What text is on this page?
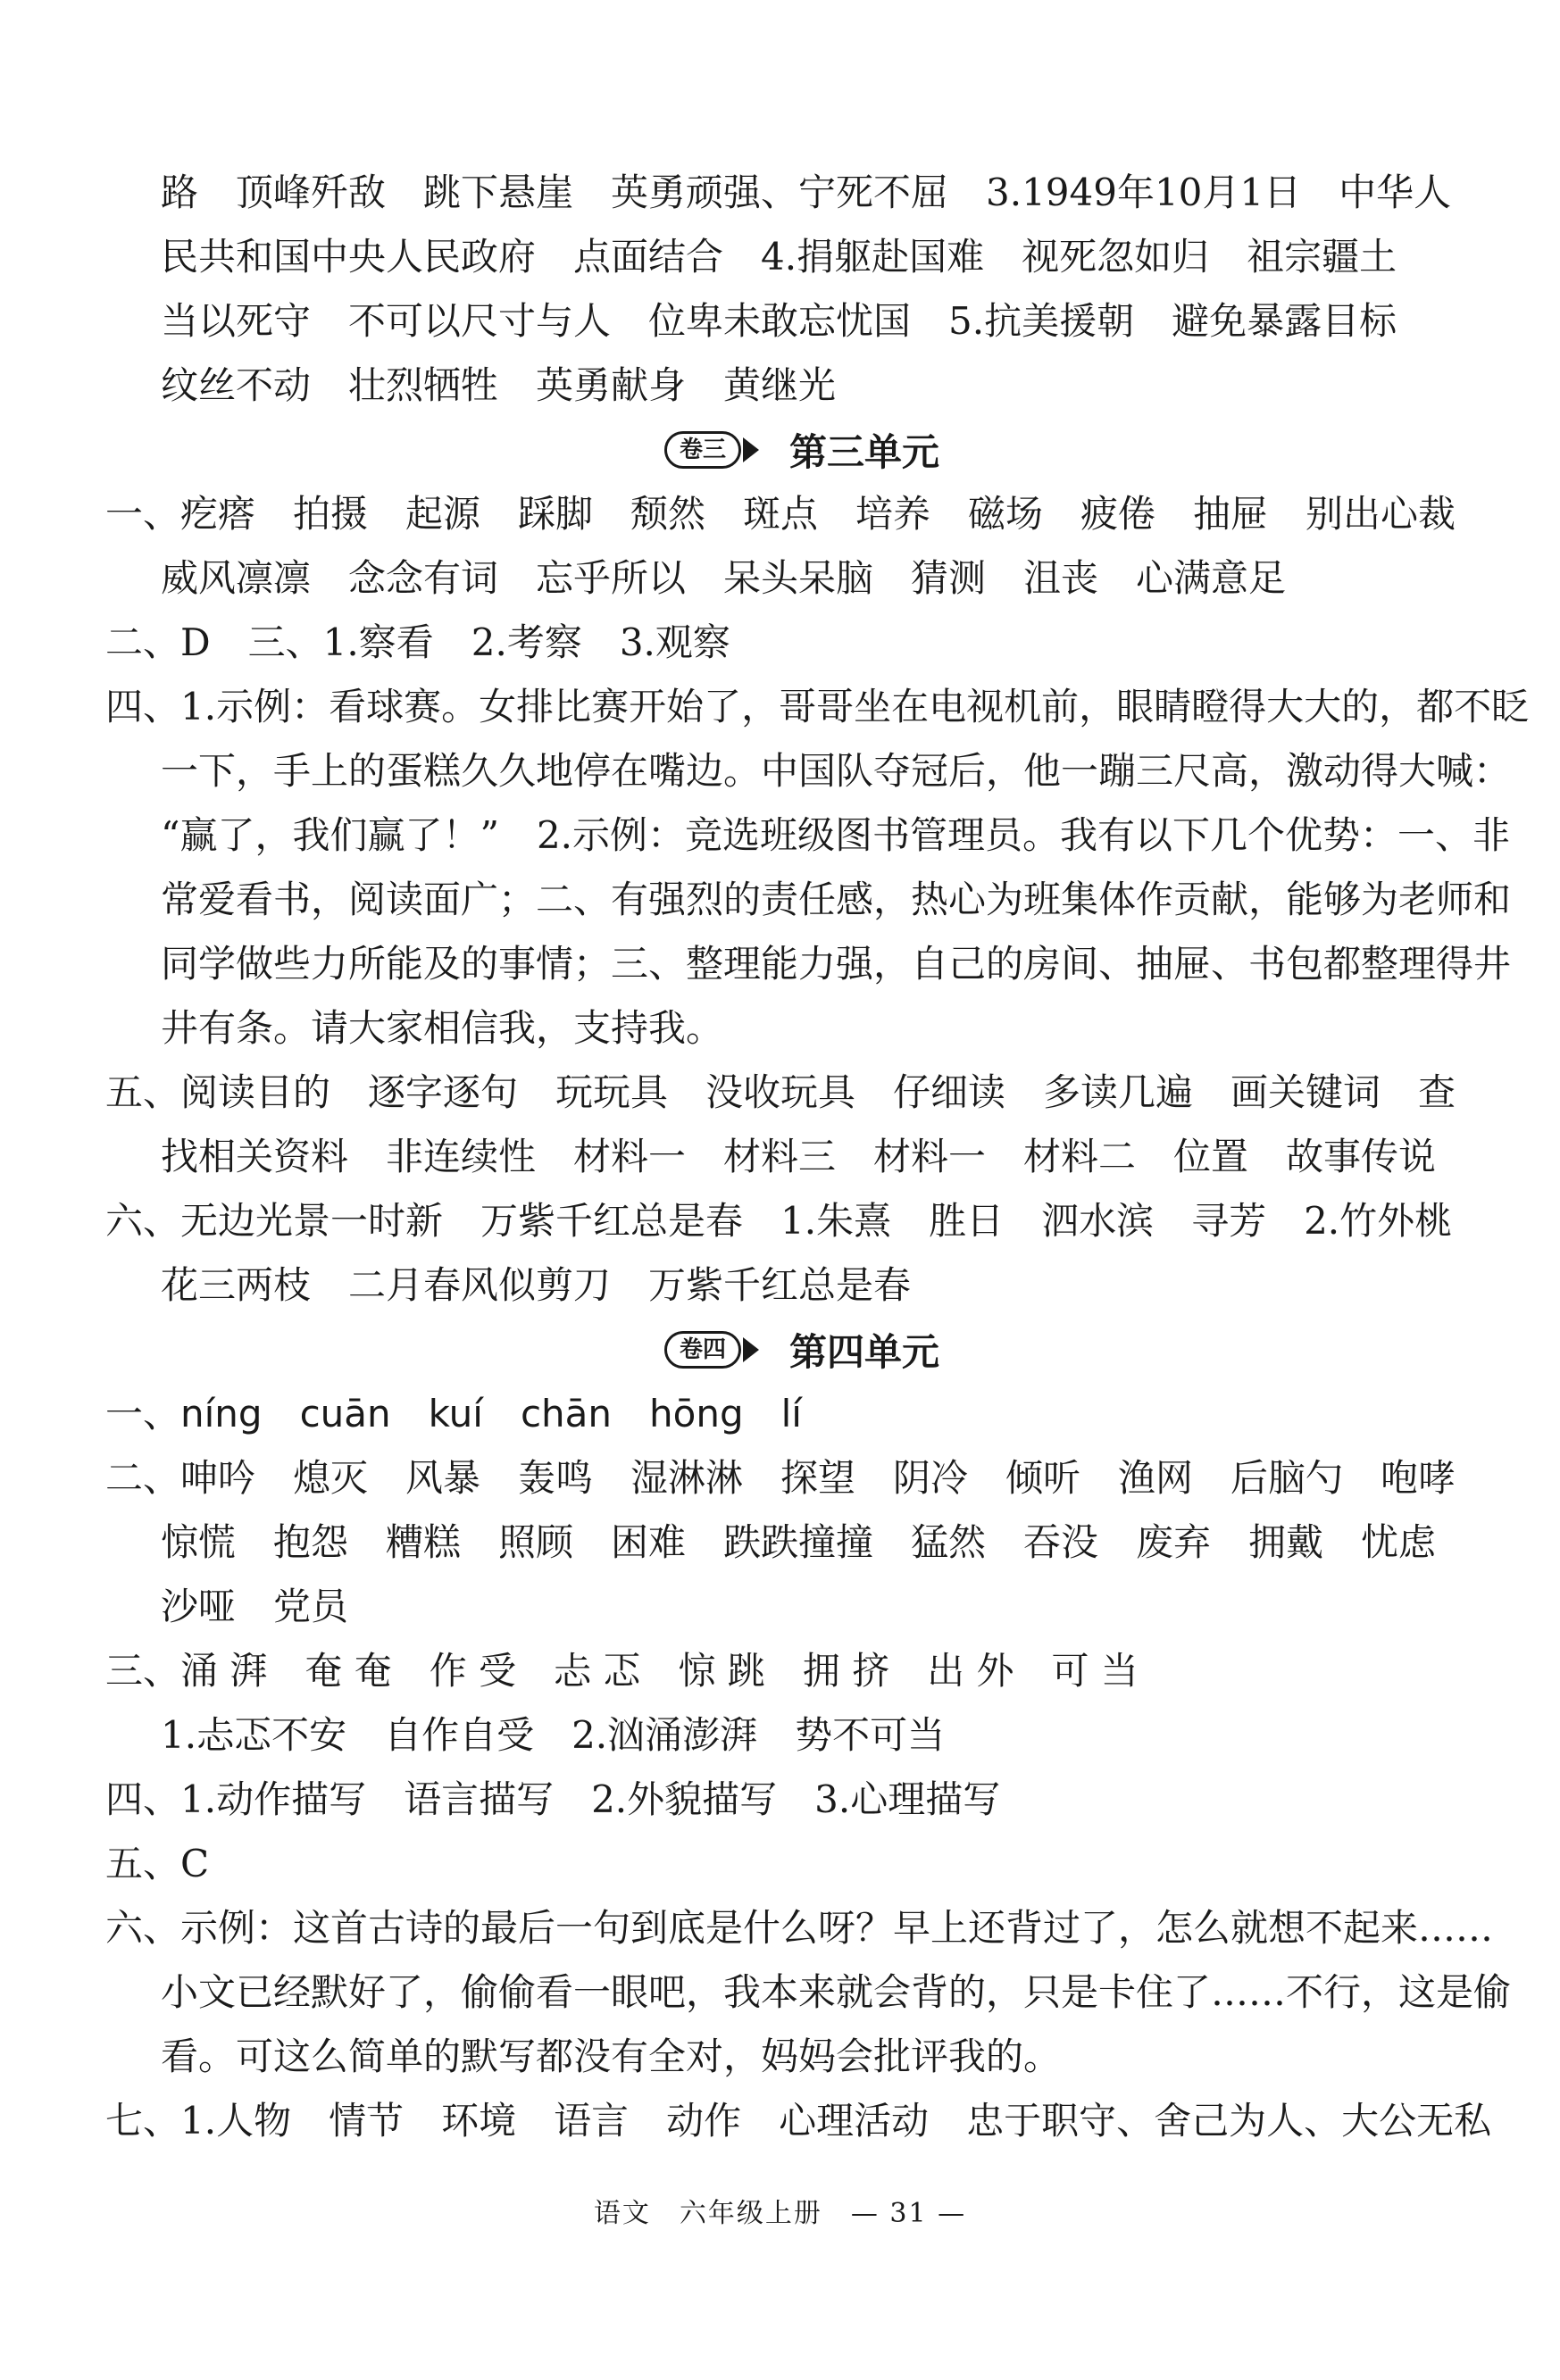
路　顶峰歼敌　跳下悬崖　英勇顽强、宁死不屈　3.1949年10月1日　中华人
民共和国中央人民政府　点面结合　4.捐躯赴国难　视死忽如归　祖宗疆土
当以死守　不可以尺寸与人　位卑未敢忘忧国　5.抗美援朝　避免暴露目标
纹丝不动　壮烈牺牲　英勇献身　黄继光
卷三	第三单元
一、疙瘩　拍摄　起源　踩脚　颓然　斑点　培养　磁场　疲倦　抽屉　别出心裁
威风凛凛　念念有词　忘乎所以　呆头呆脑　猜测　沮丧　心满意足
二、D　三、1.察看　2.考察　3.观察
四、1.示例：看球赛。女排比赛开始了，哥哥坐在电视机前，眼睛瞪得大大的，都不眨
一下，手上的蛋糕久久地停在嘴边。中国队夺冠后，他一蹦三尺高，激动得大喊：
“赢了，我们赢了！”　2.示例：竞选班级图书管理员。我有以下几个优势：一、非
常爱看书，阅读面广；二、有强烈的责任感，热心为班集体作贡献，能够为老师和
同学做些力所能及的事情；三、整理能力强，自己的房间、抽屉、书包都整理得井
井有条。请大家相信我，支持我。
五、阅读目的　逐字逐句　玩玩具　没收玩具　仔细读　多读几遍　画关键词　查
找相关资料　非连续性　材料一　材料三　材料一　材料二　位置　故事传说
六、无边光景一时新　万紫千红总是春　1.朱熹　胜日　泗水滨　寻芳　2.竹外桃
花三两枝　二月春风似剪刀　万紫千红总是春
卷四	第四单元
一、níng　cuān　kuí　chān　hōng　lí
二、呻吟　熄灭　风暴　轰鸣　湿淋淋　探望　阴冷　倾听　渔网　后脑勺　咆哮
惊慌　抱怨　糟糕　照顾　困难　跌跌撞撞　猛然　吞没　废弃　拥戴　忧虑
沙哑　党员
三、涌 湃　奄 奄　作 受　忐 忑　惊 跳　拥 挤　出 外　可 当
1.忐忑不安　自作自受　2.汹涌澎湃　势不可当
四、1.动作描写　语言描写　2.外貌描写　3.心理描写
五、C
六、示例：这首古诗的最后一句到底是什么呀？早上还背过了，怎么就想不起来……
小文已经默好了，偷偷看一眼吧，我本来就会背的，只是卡住了……不行，这是偷
看。可这么简单的默写都没有全对，妈妈会批评我的。
七、1.人物　情节　环境　语言　动作　心理活动　忠于职守、舍己为人、大公无私
语文　六年级上册　— 31 —
